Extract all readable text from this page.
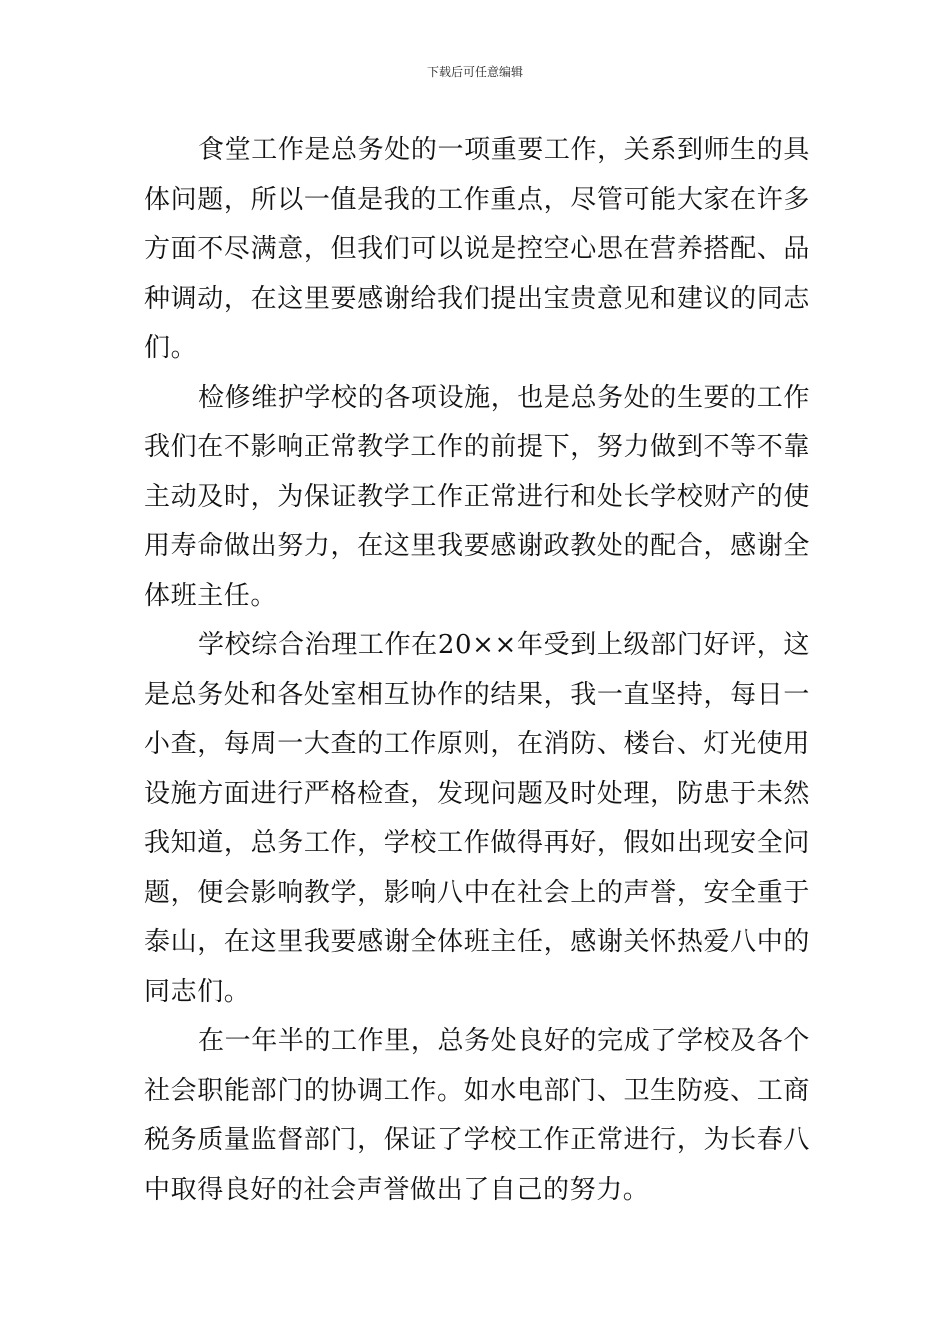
下载后可任意编辑

食堂工作是总务处的一项重要工作，关系到师生的具体问题，所以一值是我的工作重点，尽管可能大家在许多方面不尽满意，但我们可以说是控空心思在营养搭配、品种调动，在这里要感谢给我们提出宝贵意见和建议的同志们。

检修维护学校的各项设施，也是总务处的生要的工作我们在不影响正常教学工作的前提下，努力做到不等不靠主动及时，为保证教学工作正常进行和处长学校财产的使用寿命做出努力，在这里我要感谢政教处的配合，感谢全体班主任。

学校综合治理工作在20××年受到上级部门好评，这是总务处和各处室相互协作的结果，我一直坚持，每日一小查，每周一大查的工作原则，在消防、楼台、灯光使用设施方面进行严格检查，发现问题及时处理，防患于未然我知道，总务工作，学校工作做得再好，假如出现安全问题，便会影响教学，影响八中在社会上的声誉，安全重于泰山，在这里我要感谢全体班主任，感谢关怀热爱八中的同志们。

在一年半的工作里，总务处良好的完成了学校及各个社会职能部门的协调工作。如水电部门、卫生防疫、工商税务质量监督部门，保证了学校工作正常进行，为长春八中取得良好的社会声誉做出了自己的努力。
